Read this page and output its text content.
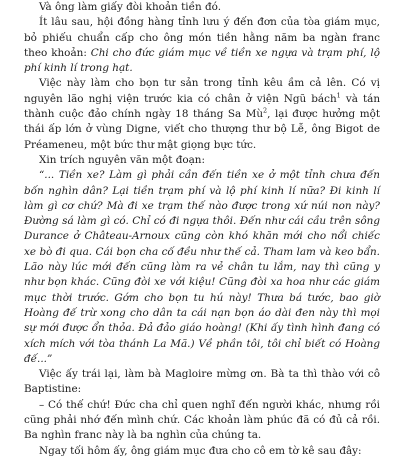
Và ông làm giấy đòi khoản tiền đó.

Ít lâu sau, hội đồng hàng tỉnh lưu ý đến đơn của tòa giám mục, bỏ phiếu chuẩn cấp cho ông món tiền hằng năm ba ngàn franc theo khoản: Chi cho đức giám mục về tiền xe ngựa và trạm phí, lộ phí kinh lí trong hạt.

Việc này làm cho bọn tư sản trong tỉnh kêu ầm cả lên. Có vị nguyên lão nghị viện trước kia có chân ở viện Ngũ bách$^1$ và tán thành cuộc đảo chính ngày 18 tháng Sa $Mù^2$, lại được hưởng một thái ấp lớn ở vùng Digne, viết cho thượng thư bộ Lễ, ông Bigot de Préameneu, một bức thư mật giọng bực tức.

Xin trích nguyên văn một đoạn:

“... Tiền xe? Làm gì phải cần đến tiền xe ở một tỉnh chưa đến bốn nghìn dân? Lại tiền trạm phí và lộ phí kinh lí nữa? Đi kinh lí làm gì cơ chứ? Mà đi xe trạm thế nào được trong xứ núi non này? Đường sá làm gì có. Chỉ có đi ngựa thôi. Đến như cái cầu trên sông Durance ở Château-Arnoux cũng còn khó khăn mới cho nổi chiếc xe bò đi qua. Cái bọn cha cố đều như thế cả. Tham lam và keo bẩn. Lão này lúc mới đến cũng làm ra vẻ chân tu lắm, nay thì cũng y như bọn khác. Cũng đòi xe với kiệu! Cũng đòi xa hoa như các giám mục thời trước. Gớm cho bọn tu hú này! Thưa bá tước, bao giờ Hoàng đế trừ xong cho dân ta cái nạn bọn áo dài đen này thì mọi sự mới được ổn thỏa. Đả đảo giáo hoàng! (Khi ấy tình hình đang có xích mích với tòa thánh La Mã.) Về phần tôi, tôi chỉ biết có Hoàng đế...”

Việc ấy trái lại, làm bà Magloire mừng ơn. Bà ta thì thào với cô Baptistine:

– Có thế chứ! Đức cha chỉ quen nghĩ đến người khác, nhưng rồi cũng phải nhớ đến mình chứ. Các khoản làm phúc đã có đủ cả rồi. Ba nghìn franc này là ba nghìn của chúng ta.

Ngay tối hôm ấy, ông giám mục đưa cho cô em tờ kê sau đây:
